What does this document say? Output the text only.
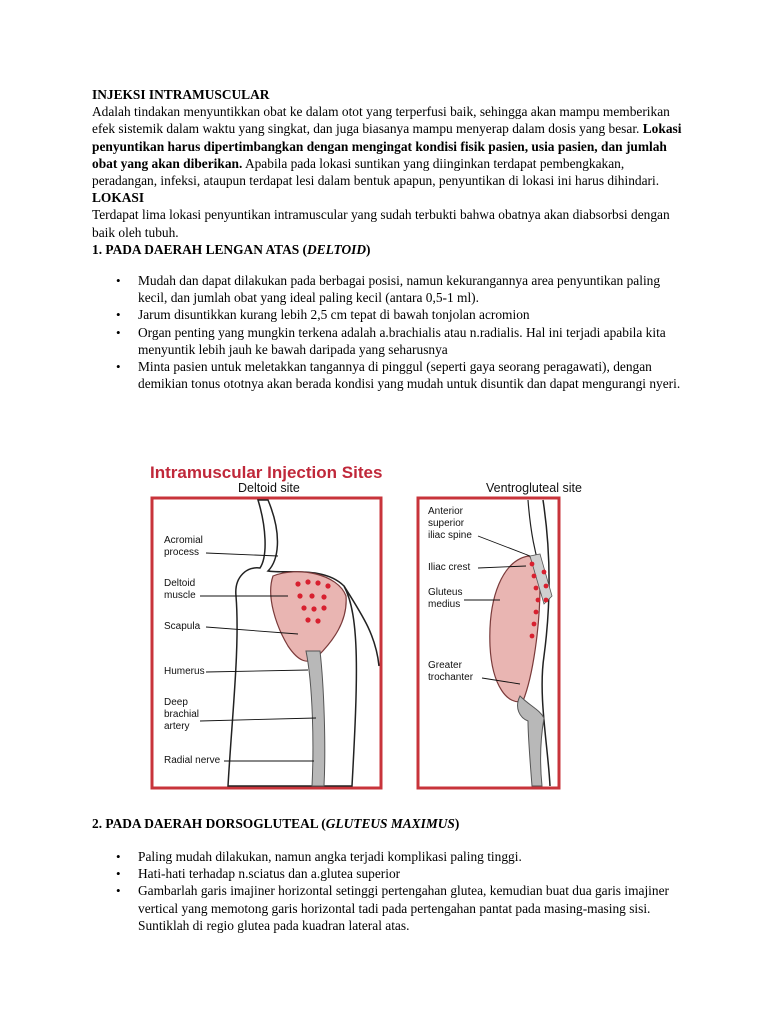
INJEKSI INTRAMUSCULAR

Adalah tindakan menyuntikkan obat ke dalam otot yang terperfusi baik, sehingga akan mampu memberikan efek sistemik dalam waktu yang singkat, dan juga biasanya mampu menyerap dalam dosis yang besar. Lokasi penyuntikan harus dipertimbangkan dengan mengingat kondisi fisik pasien, usia pasien, dan jumlah obat yang akan diberikan. Apabila pada lokasi suntikan yang diinginkan terdapat pembengkakan, peradangan, infeksi, ataupun terdapat lesi dalam bentuk apapun, penyuntikan di lokasi ini harus dihindari.

LOKASI

Terdapat lima lokasi penyuntikan intramuscular yang sudah terbukti bahwa obatnya akan diabsorbsi dengan baik oleh tubuh.

1. PADA DAERAH LENGAN ATAS (DELTOID)

• Mudah dan dapat dilakukan pada berbagai posisi, namun kekurangannya area penyuntikan paling kecil, dan jumlah obat yang ideal paling kecil (antara 0,5-1 ml).
• Jarum disuntikkan kurang lebih 2,5 cm tepat di bawah tonjolan acromion
• Organ penting yang mungkin terkena adalah a.brachialis atau n.radialis. Hal ini terjadi apabila kita menyuntik lebih jauh ke bawah daripada yang seharusnya
• Minta pasien untuk meletakkan tangannya di pinggul (seperti gaya seorang peragawati), dengan demikian tonus ototnya akan berada kondisi yang mudah untuk disuntik dan dapat mengurangi nyeri.
Intramuscular Injection Sites
Deltoid site	Ventrogluteal site
Acromial
process
Deltoid
muscle
Scapula
Humerus
Deep
brachial
artery
Radial nerve
Anterior
superior
iliac spine
Iliac crest
Gluteus
medius
Greater
trochanter
2. PADA DAERAH DORSOGLUTEAL (GLUTEUS MAXIMUS)
• Paling mudah dilakukan, namun angka terjadi komplikasi paling tinggi.
• Hati-hati terhadap n.sciatus dan a.glutea superior
• Gambarlah garis imajiner horizontal setinggi pertengahan glutea, kemudian buat dua garis imajiner vertical yang memotong garis horizontal tadi pada pertengahan pantat pada masing-masing sisi. Suntiklah di regio glutea pada kuadran lateral atas.
